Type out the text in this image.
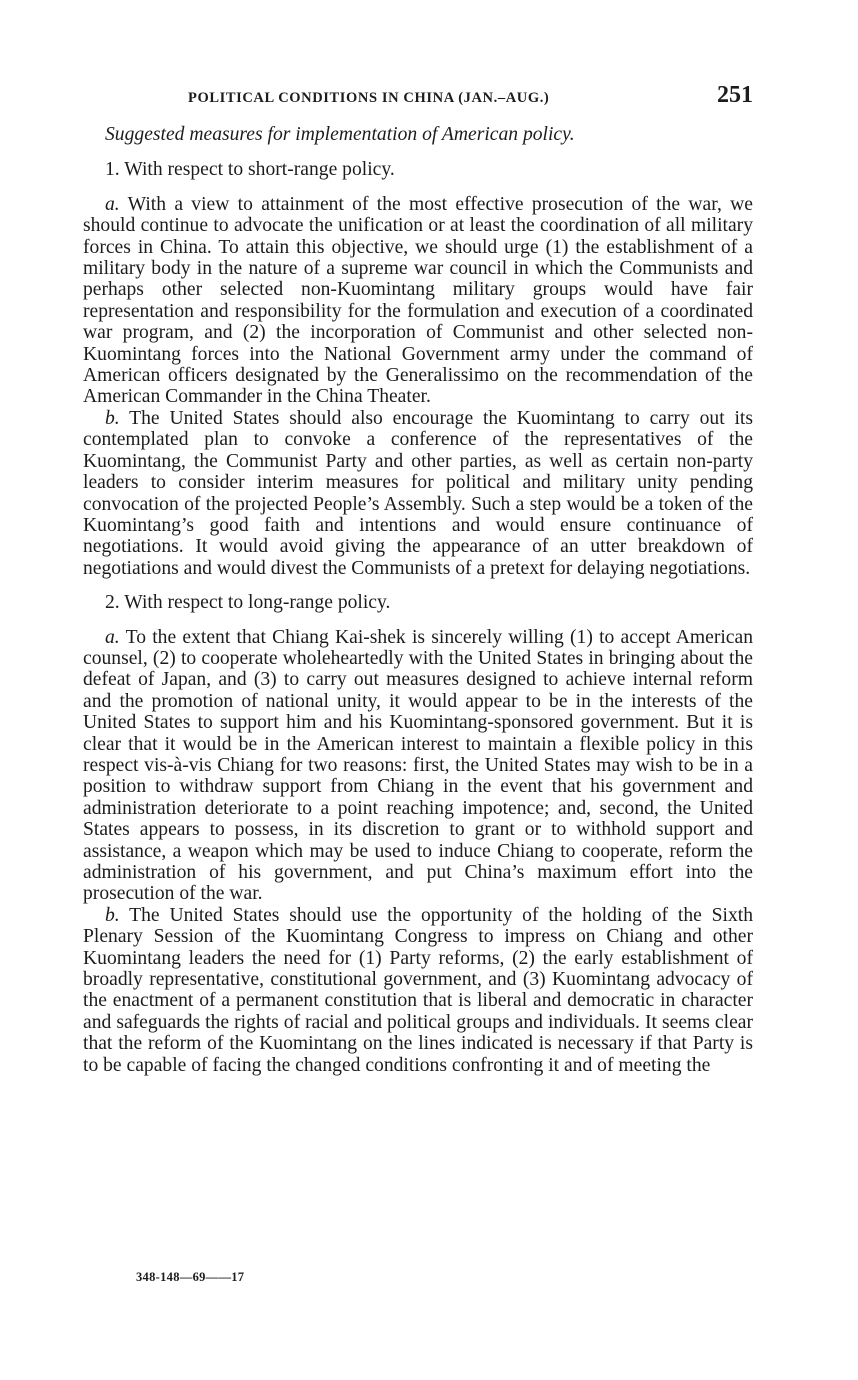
POLITICAL CONDITIONS IN CHINA (JAN.–AUG.)	251

Suggested measures for implementation of American policy.

1. With respect to short-range policy.

a. With a view to attainment of the most effective prosecution of the war, we should continue to advocate the unification or at least the coordination of all military forces in China. To attain this objective, we should urge (1) the establishment of a military body in the nature of a supreme war council in which the Communists and perhaps other selected non-Kuomintang military groups would have fair representation and responsibility for the formulation and execution of a coordinated war program, and (2) the incorporation of Communist and other selected non-Kuomintang forces into the National Government army under the command of American officers designated by the Generalissimo on the recommendation of the American Commander in the China Theater.

b. The United States should also encourage the Kuomintang to carry out its contemplated plan to convoke a conference of the representatives of the Kuomintang, the Communist Party and other parties, as well as certain non-party leaders to consider interim measures for political and military unity pending convocation of the projected People’s Assembly. Such a step would be a token of the Kuomintang’s good faith and intentions and would ensure continuance of negotiations. It would avoid giving the appearance of an utter breakdown of negotiations and would divest the Communists of a pretext for delaying negotiations.

2. With respect to long-range policy.

a. To the extent that Chiang Kai-shek is sincerely willing (1) to accept American counsel, (2) to cooperate wholeheartedly with the United States in bringing about the defeat of Japan, and (3) to carry out measures designed to achieve internal reform and the promotion of national unity, it would appear to be in the interests of the United States to support him and his Kuomintang-sponsored government. But it is clear that it would be in the American interest to maintain a flexible policy in this respect vis-à-vis Chiang for two reasons: first, the United States may wish to be in a position to withdraw support from Chiang in the event that his government and administration deteriorate to a point reaching impotence; and, second, the United States appears to possess, in its discretion to grant or to withhold support and assistance, a weapon which may be used to induce Chiang to cooperate, reform the administration of his government, and put China’s maximum effort into the prosecution of the war.

b. The United States should use the opportunity of the holding of the Sixth Plenary Session of the Kuomintang Congress to impress on Chiang and other Kuomintang leaders the need for (1) Party reforms, (2) the early establishment of broadly representative, constitutional government, and (3) Kuomintang advocacy of the enactment of a permanent constitution that is liberal and democratic in character and safeguards the rights of racial and political groups and individuals. It seems clear that the reform of the Kuomintang on the lines indicated is necessary if that Party is to be capable of facing the changed conditions confronting it and of meeting the

348-148—69——17
